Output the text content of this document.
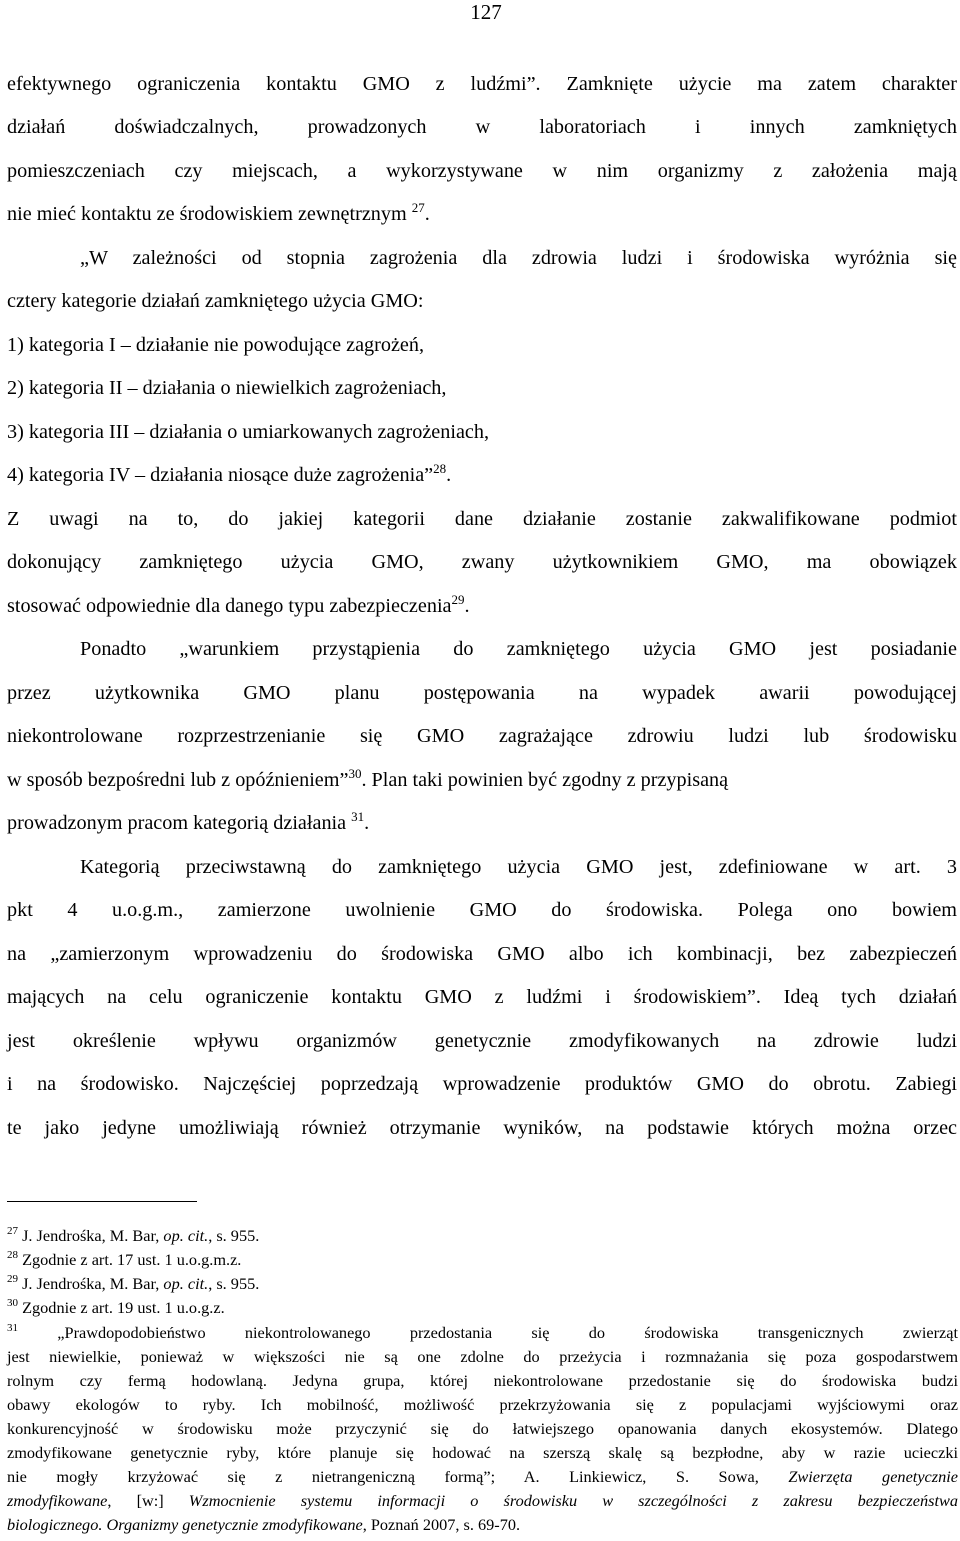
127
efektywnego ograniczenia kontaktu GMO z ludźmi”. Zamknięte użycie ma zatem charakter
działań doświadczalnych, prowadzonych w laboratoriach i innych zamkniętych
pomieszczeniach czy miejscach, a wykorzystywane w nim organizmy z założenia mają
nie mieć kontaktu ze środowiskiem zewnętrznym $^{27}$.
„W zależności od stopnia zagrożenia dla zdrowia ludzi i środowiska wyróżnia się
cztery kategorie działań zamkniętego użycia GMO:
1) kategoria I – działanie nie powodujące zagrożeń,
2) kategoria II – działania o niewielkich zagrożeniach,
3) kategoria III – działania o umiarkowanych zagrożeniach,
4) kategoria IV – działania niosące duże zagrożenia”$^{28}$.
Z uwagi na to, do jakiej kategorii dane działanie zostanie zakwalifikowane podmiot
dokonujący zamkniętego użycia GMO, zwany użytkownikiem GMO, ma obowiązek
stosować odpowiednie dla danego typu zabezpieczenia$^{29}$.
Ponadto „warunkiem przystąpienia do zamkniętego użycia GMO jest posiadanie
przez użytkownika GMO planu postępowania na wypadek awarii powodującej
niekontrolowane rozprzestrzenianie się GMO zagrażające zdrowiu ludzi lub środowisku
w sposób bezpośredni lub z opóźnieniem”$^{30}$. Plan taki powinien być zgodny z przypisaną
prowadzonym pracom kategorią działania $^{31}$.
Kategorią przeciwstawną do zamkniętego użycia GMO jest, zdefiniowane w art. 3
pkt 4 u.o.g.m., zamierzone uwolnienie GMO do środowiska. Polega ono bowiem
na „zamierzonym wprowadzeniu do środowiska GMO albo ich kombinacji, bez zabezpieczeń
mających na celu ograniczenie kontaktu GMO z ludźmi i środowiskiem”. Ideą tych działań
jest określenie wpływu organizmów genetycznie zmodyfikowanych na zdrowie ludzi
i na środowisko. Najczęściej poprzedzają wprowadzenie produktów GMO do obrotu. Zabiegi
te jako jedyne umożliwiają również otrzymanie wyników, na podstawie których można orzec
$^{27}$ J. Jendrośka, M. Bar, op. cit., s. 955.
$^{28}$ Zgodnie z art. 17 ust. 1 u.o.g.m.z.
$^{29}$ J. Jendrośka, M. Bar, op. cit., s. 955.
$^{30}$ Zgodnie z art. 19 ust. 1 u.o.g.z.
$^{31}$ „Prawdopodobieństwo niekontrolowanego przedostania się do środowiska transgenicznych zwierząt
jest niewielkie, ponieważ w większości nie są one zdolne do przeżycia i rozmnażania się poza gospodarstwem
rolnym czy fermą hodowlaną. Jedyna grupa, której niekontrolowane przedostanie się do środowiska budzi
obawy ekologów to ryby. Ich mobilność, możliwość przekrzyżowania się z populacjami wyjściowymi oraz
konkurencyjność w środowisku może przyczynić się do łatwiejszego opanowania danych ekosystemów. Dlatego
zmodyfikowane genetycznie ryby, które planuje się hodować na szerszą skalę są bezpłodne, aby w razie ucieczki
nie mogły krzyżować się z nietrangeniczną formą”; A. Linkiewicz, S. Sowa, Zwierzęta genetycznie
zmodyfikowane, [w:] Wzmocnienie systemu informacji o środowisku w szczególności z zakresu bezpieczeństwa
biologicznego. Organizmy genetycznie zmodyfikowane, Poznań 2007, s. 69-70.
